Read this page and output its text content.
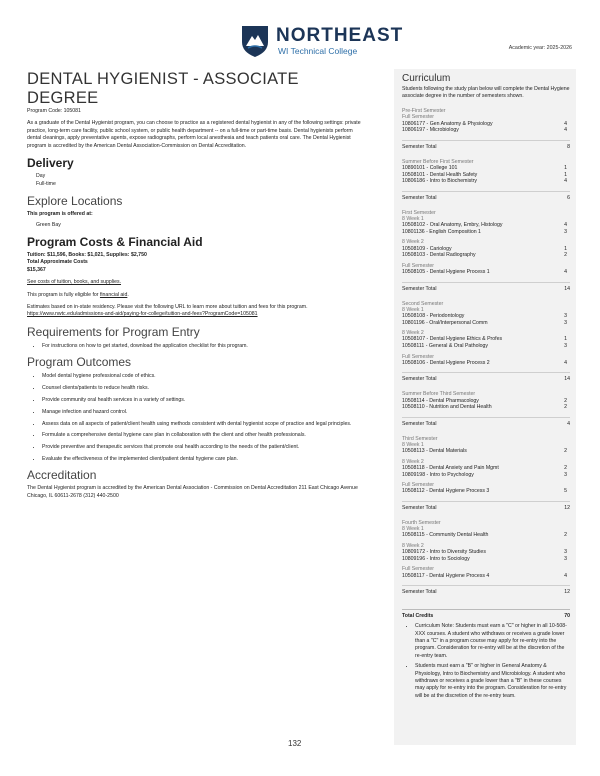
NORTHEAST
WI Technical College	Academic year: 2025-2026
DENTAL HYGIENIST - ASSOCIATE DEGREE
Program Code: 105081

As a graduate of the Dental Hygienist program, you can choose to practice as a registered dental hygienist in any of the following settings: private practice, long-term care facility, public school system, or public health department -- on a full-time or part-time basis. Dental hygienists perform dental cleanings, apply preventative agents, expose radiographs, perform local anesthesia and teach patients oral care. The Dental Hygienist program is accredited by the American Dental Association-Commission on Dental Accreditation.

Delivery
Day
Full-time
Explore Locations
This program is offered at:
Green Bay
Program Costs & Financial Aid
Tuition: $11,596, Books: $1,021, Supplies: $2,750
Total Approximate Costs
$15,367
See costs of tuition, books, and supplies.
This program is fully eligible for financial aid.
Estimates based on in-state residency. Please visit the following URL to learn more about tuition and fees for this program.
https://www.nwtc.edu/admissions-and-aid/paying-for-college/tuition-and-fees?ProgramCode=105081
Requirements for Program Entry
• For instructions on how to get started, download the application checklist for this program.
Program Outcomes
• Model dental hygiene professional code of ethics.
• Counsel clients/patients to reduce health risks.
• Provide community oral health services in a variety of settings.
• Manage infection and hazard control.
• Assess data on all aspects of patient/client health using methods consistent with dental hygienist scope of practice and legal principles.
• Formulate a comprehensive dental hygiene care plan in collaboration with the client and other health professionals.
• Provide preventive and therapeutic services that promote oral health according to the needs of the patient/client.
• Evaluate the effectiveness of the implemented client/patient dental hygiene care plan.
Accreditation

The Dental Hygienist program is accredited by the American Dental Association - Commission on Dental Accreditation 211 East Chicago Avenue Chicago, IL 60611-2678 (312) 440-2500

Curriculum
Students following the study plan below will complete the Dental Hygiene associate degree in the number of semesters shown.
Pre-First Semester
Full Semester
10806177 - Gen Anatomy & Physiology	4
10806197 - Microbiology	4
Semester Total	8
Summer Before First Semester
10890101 - College 101	1
10508101 - Dental Health Safety	1
10806186 - Intro to Biochemistry	4
Semester Total	6
First Semester
8 Week 1
10508102 - Oral Anatomy, Embry, Histology	4
10801136 - English Composition 1	3
8 Week 2
10508109 - Cariology	1
10508103 - Dental Radiography	2
Full Semester
10508105 - Dental Hygiene Process 1	4
Semester Total	14
Second Semester
8 Week 1
10508108 - Periodontology	3
10801196 - Oral/Interpersonal Comm	3
8 Week 2
10508107 - Dental Hygiene Ethics & Profes	1
10508111 - General & Oral Pathology	3
Full Semester
10508106 - Dental Hygiene Process 2	4
Semester Total	14
Summer Before Third Semester
10508114 - Dental Pharmacology	2
10508110 - Nutrition and Dental Health	2
Semester Total	4
Third Semester
8 Week 1
10508113 - Dental Materials	2
8 Week 2
10508118 - Dental Anxiety and Pain Mgmt	2
10809198 - Intro to Psychology	3
Full Semester
10508112 - Dental Hygiene Process 3	5
Semester Total	12
Fourth Semester
8 Week 1
10508115 - Community Dental Health	2
8 Week 2
10809172 - Intro to Diversity Studies	3
10809196 - Intro to Sociology	3
Full Semester
10508117 - Dental Hygiene Process 4	4
Semester Total	12
Total Credits	70
• Curriculum Note: Students must earn a "C" or higher in all 10-508-XXX courses. A student who withdraws or receives a grade lower than a "C" in a program course may apply for re-entry into the program. Consideration for re-entry will be at the discretion of the re-entry team.
• Students must earn a "B" or higher in General Anatomy & Physiology, Intro to Biochemistry and Microbiology. A student who withdraws or receives a grade lower than a "B" in these courses may apply for re-entry into the program. Consideration for re-entry will be at the discretion of the re-entry team.
132
